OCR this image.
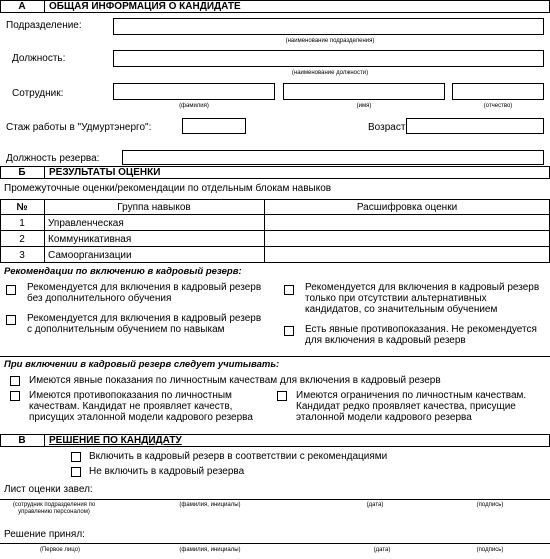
А	ОБЩАЯ ИНФОРМАЦИЯ О КАНДИДАТЕ
Подразделение:
(наименование подразделения)
Должность:
(наименование должности)
Сотрудник:
(фамилия)	(имя)	(отчество)
Стаж работы в "Удмуртэнерго":	Возраст
Должность резерва:
Б	РЕЗУЛЬТАТЫ ОЦЕНКИ
Промежуточные оценки/рекомендации по отдельным блокам навыков
№	Группа навыков	Расшифровка оценки
1	Управленческая
2	Коммуникативная
3	Самоорганизации
Рекомендации по включению в кадровый резерв:
Рекомендуется для включения в кадровый резерв без дополнительного обучения
Рекомендуется для включения в кадровый резерв только при отсутствии альтернативных кандидатов, со значительным обучением
Рекомендуется для включения в кадровый резерв с дополнительным обучением по навыкам	Есть явные противопоказания. Не рекомендуется для включения в кадровый резерв
При включении в кадровый резерв следует учитывать:
Имеются явные показания по личностным качествам для включения в кадровый резерв
Имеются противопоказания по личностным качествам. Кандидат не проявляет качеств, присущих эталонной модели кадрового резерва
Имеются ограничения по личностным качествам. Кандидат редко проявляет качества, присущие эталонной модели кадрового резерва
В	РЕШЕНИЕ ПО КАНДИДАТУ
Включить в кадровый резерв в соответствии с рекомендациями
Не включить в кадровый резерва
Лист оценки завел:
(сотрудник подразделения по управлению персоналом)
(фамилия, инициалы)	(дата)	(подпись)
Решение принял:
(Первое лицо)	(фамилия, инициалы)	(дата)	(подпись)
